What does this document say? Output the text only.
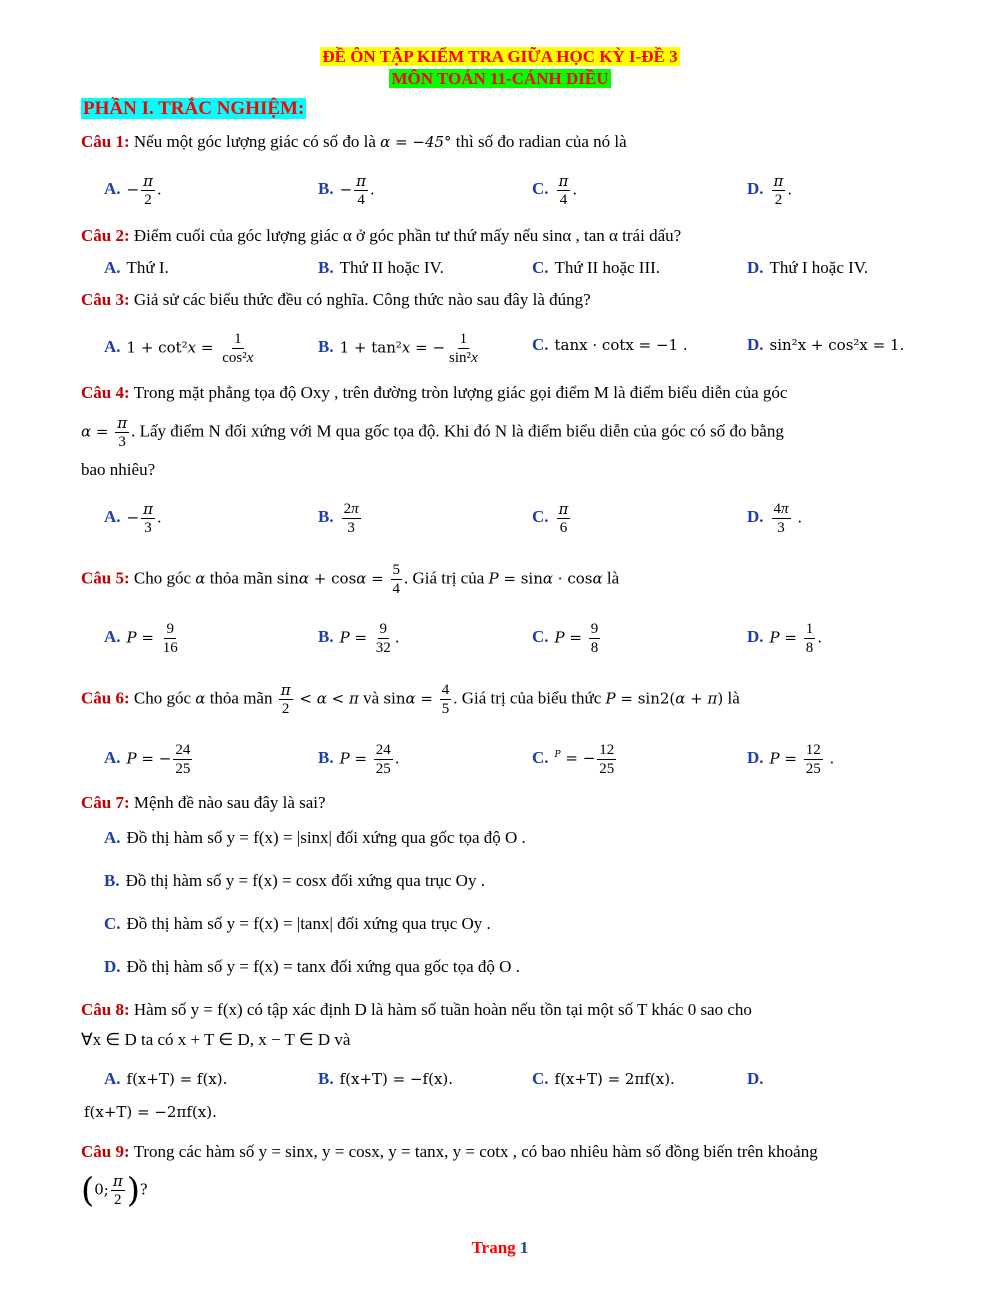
ĐỀ ÔN TẬP KIỂM TRA GIỮA HỌC KỲ I-ĐỀ 3
MÔN TOÁN 11-CÁNH DIỀU
PHẦN I. TRẮC NGHIỆM:
Câu 1: Nếu một góc lượng giác có số đo là α = −45° thì số đo radian của nó là
A. − $\frac{\pi}{2}$ .	B. − $\frac{\pi}{4}$ .	C. $\frac{\pi}{4}$ .	D. $\frac{\pi}{2}$ .
Câu 2: Điểm cuối của góc lượng giác α ở góc phần tư thứ mấy nếu sinα , tan α trái dấu?
A. Thứ I.	B. Thứ II hoặc IV.	C. Thứ II hoặc III.	D. Thứ I hoặc IV.
Câu 3: Giả sử các biểu thức đều có nghĩa. Công thức nào sau đây là đúng?
A. $1 + \cot^2x = \frac{1}{\text{cos²x}}$	B. 1 + tan²x = − $\frac{1}{\text{sin²x}}$	C. tanx · cotx = −1 .	D. sin²x + cos²x = 1.
Câu 4: Trong mặt phẳng tọa độ Oxy , trên đường tròn lượng giác gọi điểm M là điểm biểu diễn của góc
$\alpha = \frac{\pi}{3}$ . Lấy điểm N đối xứng với M qua gốc tọa độ. Khi đó N là điểm biểu diễn của góc có số đo bằng
bao nhiêu?
A. − $\frac{\pi}{3}$ .	B. $\frac{2\pi}{3}$	C. $\frac{\pi}{6}$	D. $\frac{4\pi}{3}$ .
Câu 5: Cho góc α thỏa mãn $\sin\alpha + \cos\alpha = \frac{5}{4}$ . Giá trị của P = sinα · cosα là
A. $P = \frac{9}{16}$	B. $P = \frac{9}{32}$ .	C. $P = \frac{9}{8}$	D. $P = \frac{1}{8}$ .
Câu 6: Cho góc α thỏa mãn $\frac{\pi}{2} < \alpha < \pi$ và $\sin\alpha = \frac{4}{5}$ . Giá trị của biểu thức P = sin2(α + π) là
A. P = − $\frac{24}{25}$	B. $P = \frac{24}{25}$ .	C. $^P$ = − $\frac{12}{25}$	D. $P = \frac{12}{25}$ .
Câu 7: Mệnh đề nào sau đây là sai?
A. Đồ thị hàm số y = f(x) = |sinx| đối xứng qua gốc tọa độ O .
B. Đồ thị hàm số y = f(x) = cosx đối xứng qua trục Oy .
C. Đồ thị hàm số y = f(x) = |tanx| đối xứng qua trục Oy .
D. Đồ thị hàm số y = f(x) = tanx đối xứng qua gốc tọa độ O .
Câu 8: Hàm số y = f(x) có tập xác định D là hàm số tuần hoàn nếu tồn tại một số T khác 0 sao cho
∀x ∈ D ta có x + T ∈ D, x − T ∈ D và
A. f(x+T) = f(x).	B. f(x+T) = −f(x).	C. f(x+T) = 2πf(x).	D.
f(x+T) = −2πf(x).
Câu 9: Trong các hàm số y = sinx, y = cosx, y = tanx, y = cotx , có bao nhiêu hàm số đồng biến trên khoảng
(0; $\frac{\pi}{2}$ )?
Trang 1
